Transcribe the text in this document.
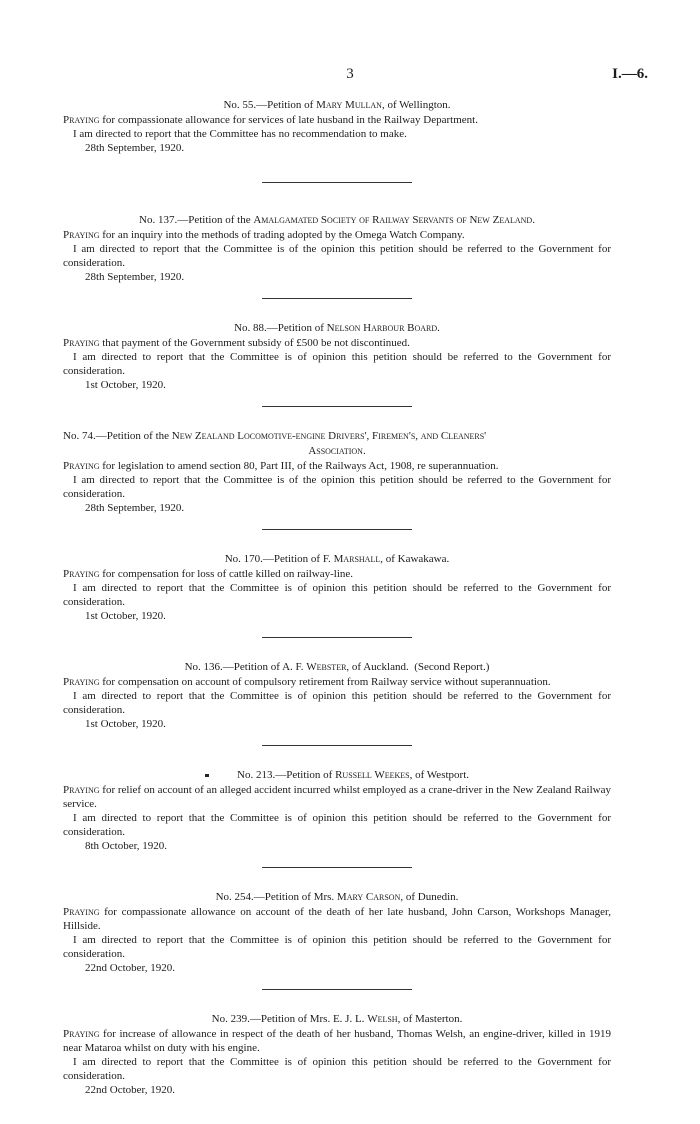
3	I.—6.
No. 55.—Petition of Mary Mullan, of Wellington.

Praying for compassionate allowance for services of late husband in the Railway Department.

I am directed to report that the Committee has no recommendation to make.

28th September, 1920.
No. 137.—Petition of the Amalgamated Society of Railway Servants of New Zealand.

Praying for an inquiry into the methods of trading adopted by the Omega Watch Company.

I am directed to report that the Committee is of the opinion this petition should be referred to the Government for consideration.

28th September, 1920.
No. 88.—Petition of Nelson Harbour Board.

Praying that payment of the Government subsidy of £500 be not discontinued.

I am directed to report that the Committee is of opinion this petition should be referred to the Government for consideration.

1st October, 1920.
No. 74.—Petition of the New Zealand Locomotive-engine Drivers', Firemen's, and Cleaners'
Association.

Praying for legislation to amend section 80, Part III, of the Railways Act, 1908, re superannuation.

I am directed to report that the Committee is of the opinion this petition should be referred to the Government for consideration.

28th September, 1920.
No. 170.—Petition of F. Marshall, of Kawakawa.

Praying for compensation for loss of cattle killed on railway-line.

I am directed to report that the Committee is of opinion this petition should be referred to the Government for consideration.

1st October, 1920.
No. 136.—Petition of A. F. Webster, of Auckland. (Second Report.)

Praying for compensation on account of compulsory retirement from Railway service without superannuation.

I am directed to report that the Committee is of opinion this petition should be referred to the Government for consideration.

1st October, 1920.
No. 213.—Petition of Russell Weekes, of Westport.

Praying for relief on account of an alleged accident incurred whilst employed as a crane-driver in the New Zealand Railway service.

I am directed to report that the Committee is of opinion this petition should be referred to the Government for consideration.

8th October, 1920.
No. 254.—Petition of Mrs. Mary Carson, of Dunedin.

Praying for compassionate allowance on account of the death of her late husband, John Carson, Workshops Manager, Hillside.

I am directed to report that the Committee is of opinion this petition should be referred to the Government for consideration.

22nd October, 1920.
No. 239.—Petition of Mrs. E. J. L. Welsh, of Masterton.

Praying for increase of allowance in respect of the death of her husband, Thomas Welsh, an engine-driver, killed in 1919 near Mataroa whilst on duty with his engine.

I am directed to report that the Committee is of opinion this petition should be referred to the Government for consideration.

22nd October, 1920.
